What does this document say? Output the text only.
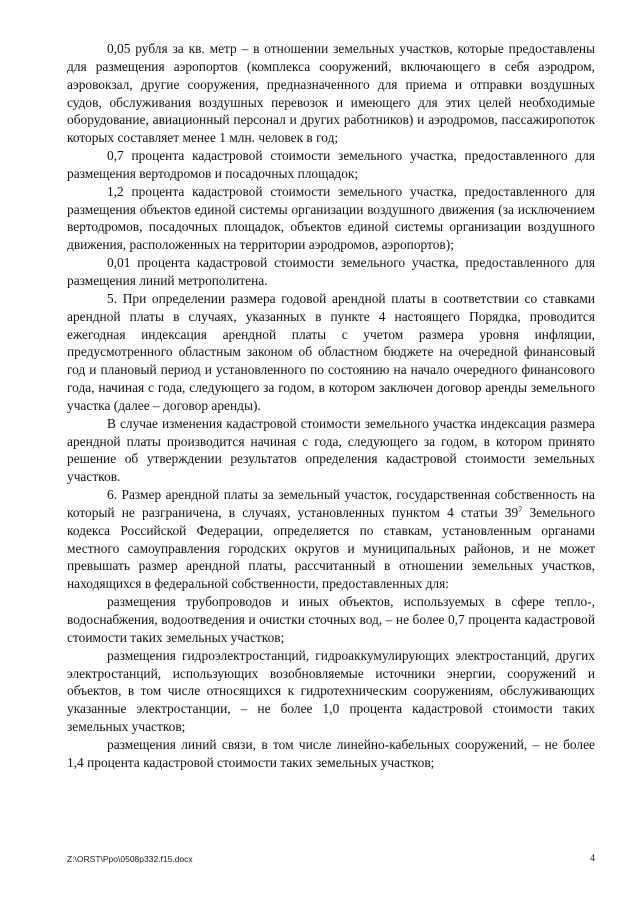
0,05 рубля за кв. метр – в отношении земельных участков, которые предоставлены для размещения аэропортов (комплекса сооружений, включающего в себя аэродром, аэровокзал, другие сооружения, предназначенного для приема и отправки воздушных судов, обслуживания воздушных перевозок и имеющего для этих целей необходимые оборудование, авиационный персонал и других работников) и аэродромов, пассажиропоток которых составляет менее 1 млн. человек в год;

0,7 процента кадастровой стоимости земельного участка, предоставленного для размещения вертодромов и посадочных площадок;

1,2 процента кадастровой стоимости земельного участка, предоставленного для размещения объектов единой системы организации воздушного движения (за исключением вертодромов, посадочных площадок, объектов единой системы организации воздушного движения, расположенных на территории аэродромов, аэропортов);

0,01 процента кадастровой стоимости земельного участка, предоставленного для размещения линий метрополитена.

5. При определении размера годовой арендной платы в соответствии со ставками арендной платы в случаях, указанных в пункте 4 настоящего Порядка, проводится ежегодная индексация арендной платы с учетом размера уровня инфляции, предусмотренного областным законом об областном бюджете на очередной финансовый год и плановый период и установленного по состоянию на начало очередного финансового года, начиная с года, следующего за годом, в котором заключен договор аренды земельного участка (далее – договор аренды).

В случае изменения кадастровой стоимости земельного участка индексация размера арендной платы производится начиная с года, следующего за годом, в котором принято решение об утверждении результатов определения кадастровой стоимости земельных участков.

6. Размер арендной платы за земельный участок, государственная собственность на который не разграничена, в случаях, установленных пунктом 4 статьи $39^7$ Земельного кодекса Российской Федерации, определяется по ставкам, установленным органами местного самоуправления городских округов и муниципальных районов, и не может превышать размер арендной платы, рассчитанный в отношении земельных участков, находящихся в федеральной собственности, предоставленных для:

размещения трубопроводов и иных объектов, используемых в сфере тепло-, водоснабжения, водоотведения и очистки сточных вод, – не более 0,7 процента кадастровой стоимости таких земельных участков;

размещения гидроэлектростанций, гидроаккумулирующих электростанций, других электростанций, использующих возобновляемые источники энергии, сооружений и объектов, в том числе относящихся к гидротехническим сооружениям, обслуживающих указанные электростанции, – не более 1,0 процента кадастровой стоимости таких земельных участков;

размещения линий связи, в том числе линейно-кабельных сооружений, – не более 1,4 процента кадастровой стоимости таких земельных участков;

Z:\ORST\Ppo\0508p332.f15.docx	4
